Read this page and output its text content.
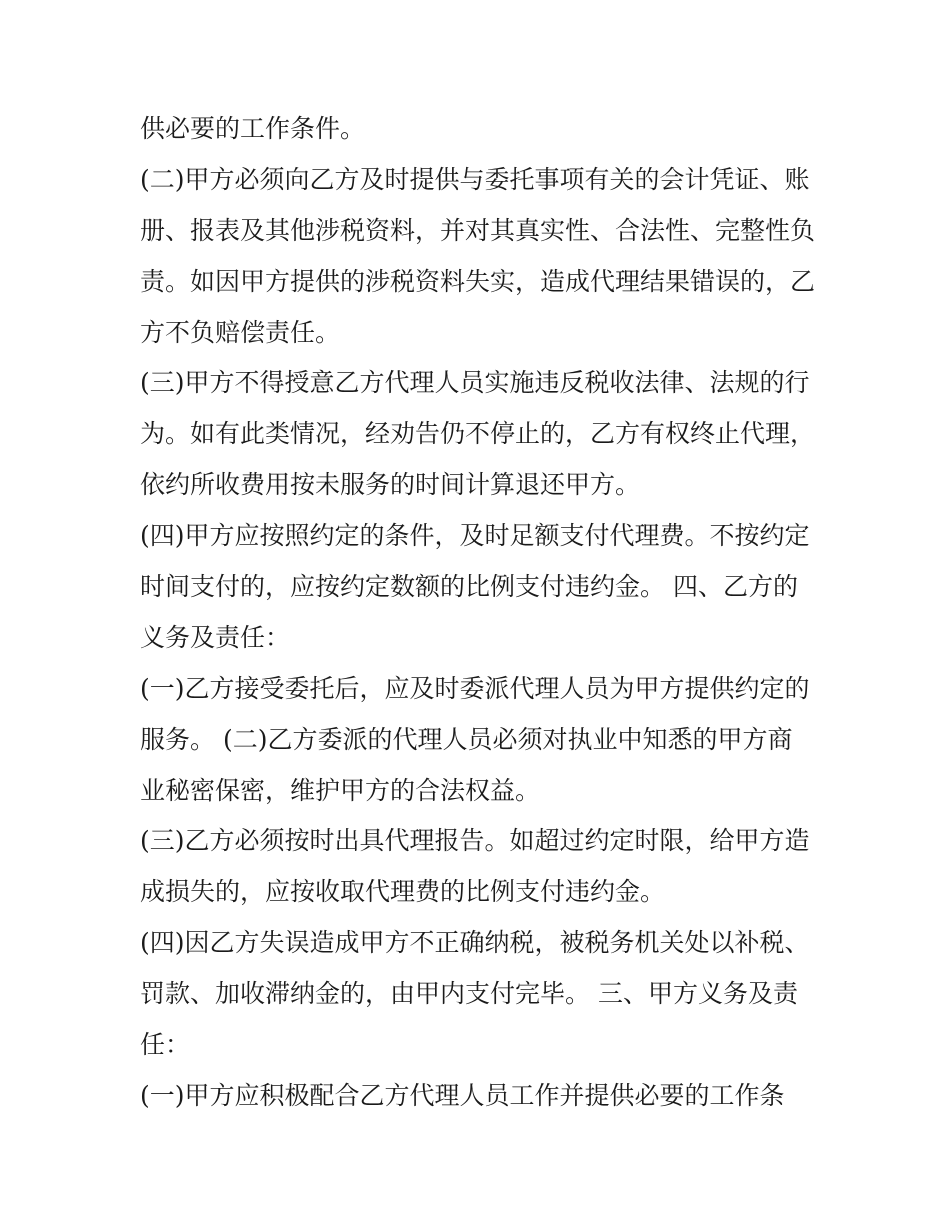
供必要的工作条件。
(二)甲方必须向乙方及时提供与委托事项有关的会计凭证、账
册、报表及其他涉税资料，并对其真实性、合法性、完整性负
责。如因甲方提供的涉税资料失实，造成代理结果错误的，乙
方不负赔偿责任。
(三)甲方不得授意乙方代理人员实施违反税收法律、法规的行
为。如有此类情况，经劝告仍不停止的，乙方有权终止代理，
依约所收费用按未服务的时间计算退还甲方。
(四)甲方应按照约定的条件，及时足额支付代理费。不按约定
时间支付的，应按约定数额的比例支付违约金。 四、乙方的
义务及责任：
(一)乙方接受委托后，应及时委派代理人员为甲方提供约定的
服务。 (二)乙方委派的代理人员必须对执业中知悉的甲方商
业秘密保密，维护甲方的合法权益。
(三)乙方必须按时出具代理报告。如超过约定时限，给甲方造
成损失的，应按收取代理费的比例支付违约金。
(四)因乙方失误造成甲方不正确纳税，被税务机关处以补税、
罚款、加收滞纳金的，由甲内支付完毕。 三、甲方义务及责
任：
(一)甲方应积极配合乙方代理人员工作并提供必要的工作条
